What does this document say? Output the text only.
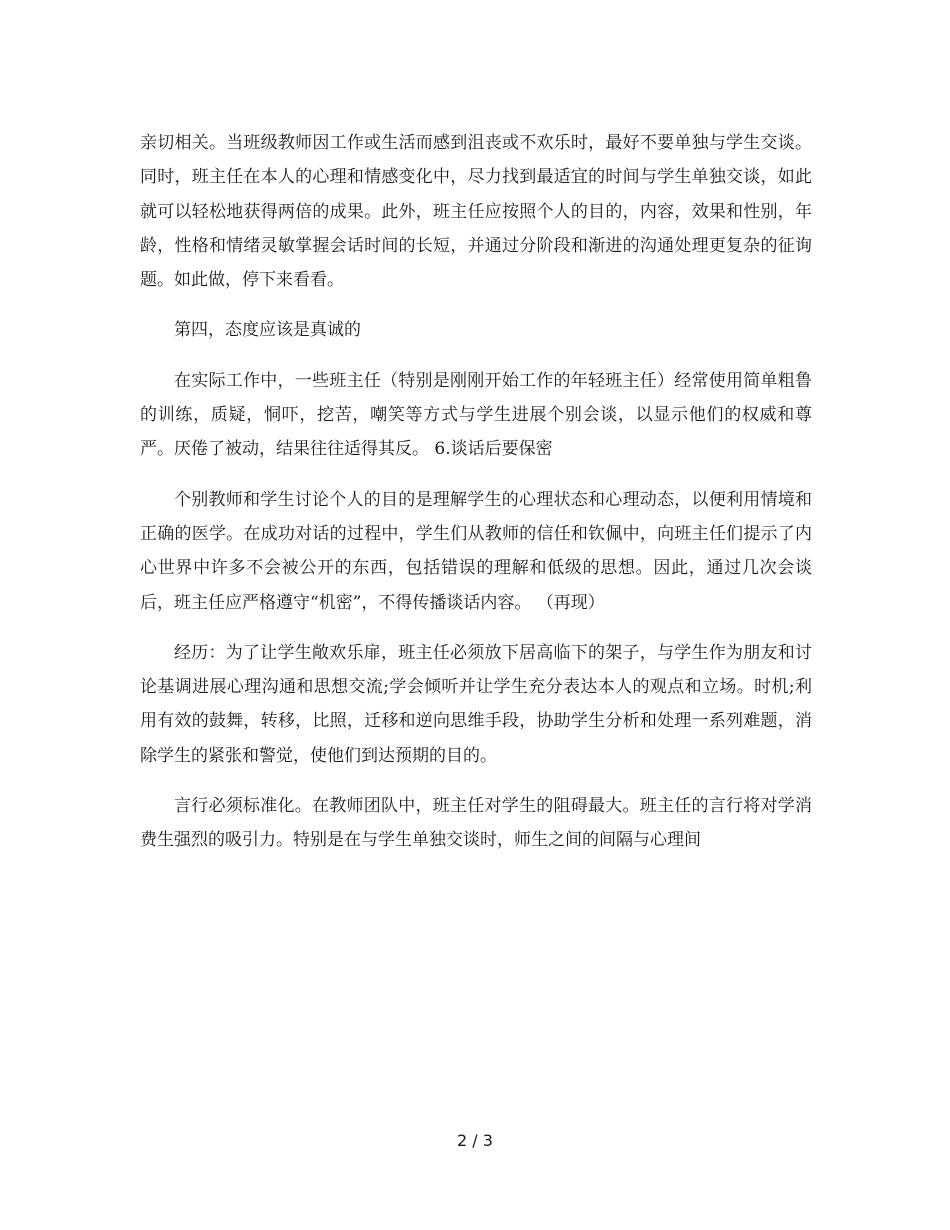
亲切相关。当班级教师因工作或生活而感到沮丧或不欢乐时，最好不要单独与学生交谈。同时，班主任在本人的心理和情感变化中，尽力找到最适宜的时间与学生单独交谈，如此就可以轻松地获得两倍的成果。此外，班主任应按照个人的目的，内容，效果和性别，年龄，性格和情绪灵敏掌握会话时间的长短，并通过分阶段和渐进的沟通处理更复杂的征询题。如此做，停下来看看。

第四，态度应该是真诚的

在实际工作中，一些班主任（特别是刚刚开始工作的年轻班主任）经常使用简单粗鲁的训练，质疑，恫吓，挖苦，嘲笑等方式与学生进展个别会谈，以显示他们的权威和尊严。厌倦了被动，结果往往适得其反。 6.谈话后要保密

个别教师和学生讨论个人的目的是理解学生的心理状态和心理动态，以便利用情境和正确的医学。在成功对话的过程中，学生们从教师的信任和钦佩中，向班主任们提示了内心世界中许多不会被公开的东西，包括错误的理解和低级的思想。因此，通过几次会谈后，班主任应严格遵守“机密”，不得传播谈话内容。 （再现）

经历：为了让学生敞欢乐扉，班主任必须放下居高临下的架子，与学生作为朋友和讨论基调进展心理沟通和思想交流;学会倾听并让学生充分表达本人的观点和立场。时机;利用有效的鼓舞，转移，比照，迁移和逆向思维手段，协助学生分析和处理一系列难题，消除学生的紧张和警觉，使他们到达预期的目的。

言行必须标准化。在教师团队中，班主任对学生的阻碍最大。班主任的言行将对学消费生强烈的吸引力。特别是在与学生单独交谈时，师生之间的间隔与心理间

2 / 3
